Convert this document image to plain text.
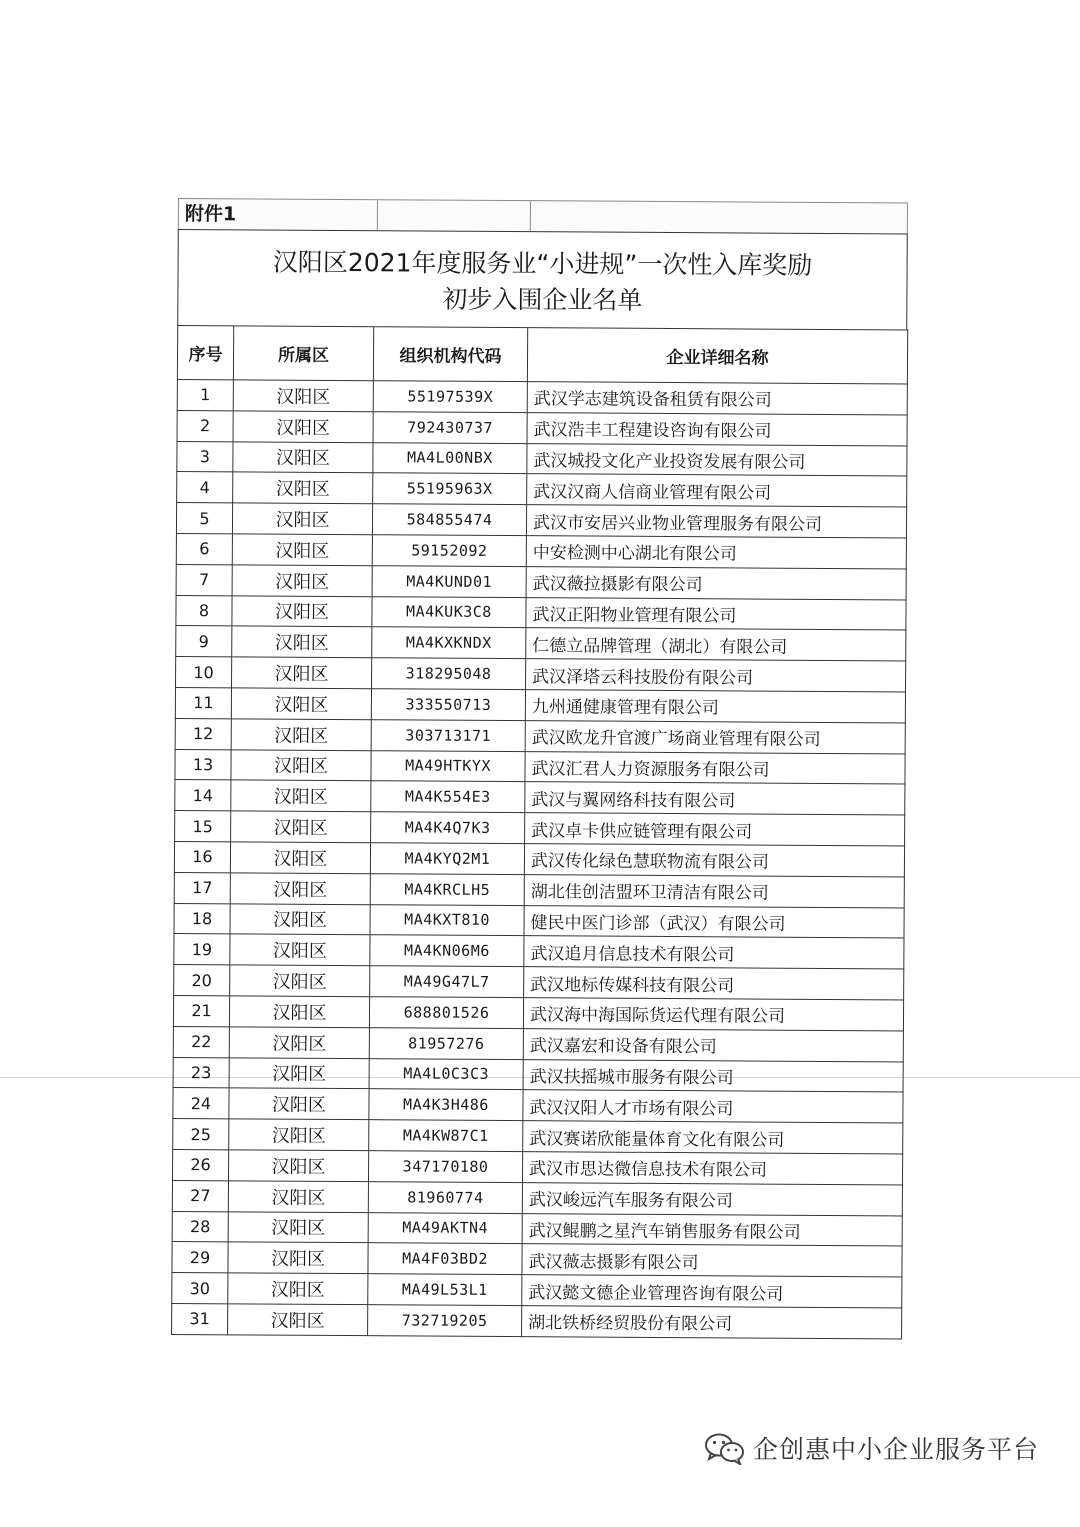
附件1
汉阳区2021年度服务业“小进规”一次性入库奖励
初步入围企业名单
序号	所属区	组织机构代码	企业详细名称
1	汉阳区	55197539X	武汉学志建筑设备租赁有限公司
2	汉阳区	792430737	武汉浩丰工程建设咨询有限公司
3	汉阳区	MA4L00NBX	武汉城投文化产业投资发展有限公司
4	汉阳区	55195963X	武汉汉商人信商业管理有限公司
5	汉阳区	584855474	武汉市安居兴业物业管理服务有限公司
6	汉阳区	59152092	中安检测中心湖北有限公司
7	汉阳区	MA4KUND01	武汉薇拉摄影有限公司
8	汉阳区	MA4KUK3C8	武汉正阳物业管理有限公司
9	汉阳区	MA4KXKNDX	仁德立品牌管理（湖北）有限公司
10	汉阳区	318295048	武汉泽塔云科技股份有限公司
11	汉阳区	333550713	九州通健康管理有限公司
12	汉阳区	303713171	武汉欧龙升官渡广场商业管理有限公司
13	汉阳区	MA49HTKYX	武汉汇君人力资源服务有限公司
14	汉阳区	MA4K554E3	武汉与翼网络科技有限公司
15	汉阳区	MA4K4Q7K3	武汉卓卡供应链管理有限公司
16	汉阳区	MA4KYQ2M1	武汉传化绿色慧联物流有限公司
17	汉阳区	MA4KRCLH5	湖北佳创洁盟环卫清洁有限公司
18	汉阳区	MA4KXT810	健民中医门诊部（武汉）有限公司
19	汉阳区	MA4KN06M6	武汉追月信息技术有限公司
20	汉阳区	MA49G47L7	武汉地标传媒科技有限公司
21	汉阳区	688801526	武汉海中海国际货运代理有限公司
22	汉阳区	81957276	武汉嘉宏和设备有限公司
23	汉阳区	MA4L0C3C3	武汉扶摇城市服务有限公司
24	汉阳区	MA4K3H486	武汉汉阳人才市场有限公司
25	汉阳区	MA4KW87C1	武汉赛诺欣能量体育文化有限公司
26	汉阳区	347170180	武汉市思达微信息技术有限公司
27	汉阳区	81960774	武汉峻远汽车服务有限公司
28	汉阳区	MA49AKTN4	武汉鲲鹏之星汽车销售服务有限公司
29	汉阳区	MA4F03BD2	武汉薇志摄影有限公司
30	汉阳区	MA49L53L1	武汉懿文德企业管理咨询有限公司
31	汉阳区	732719205	湖北铁桥经贸股份有限公司
企创惠中小企业服务平台
